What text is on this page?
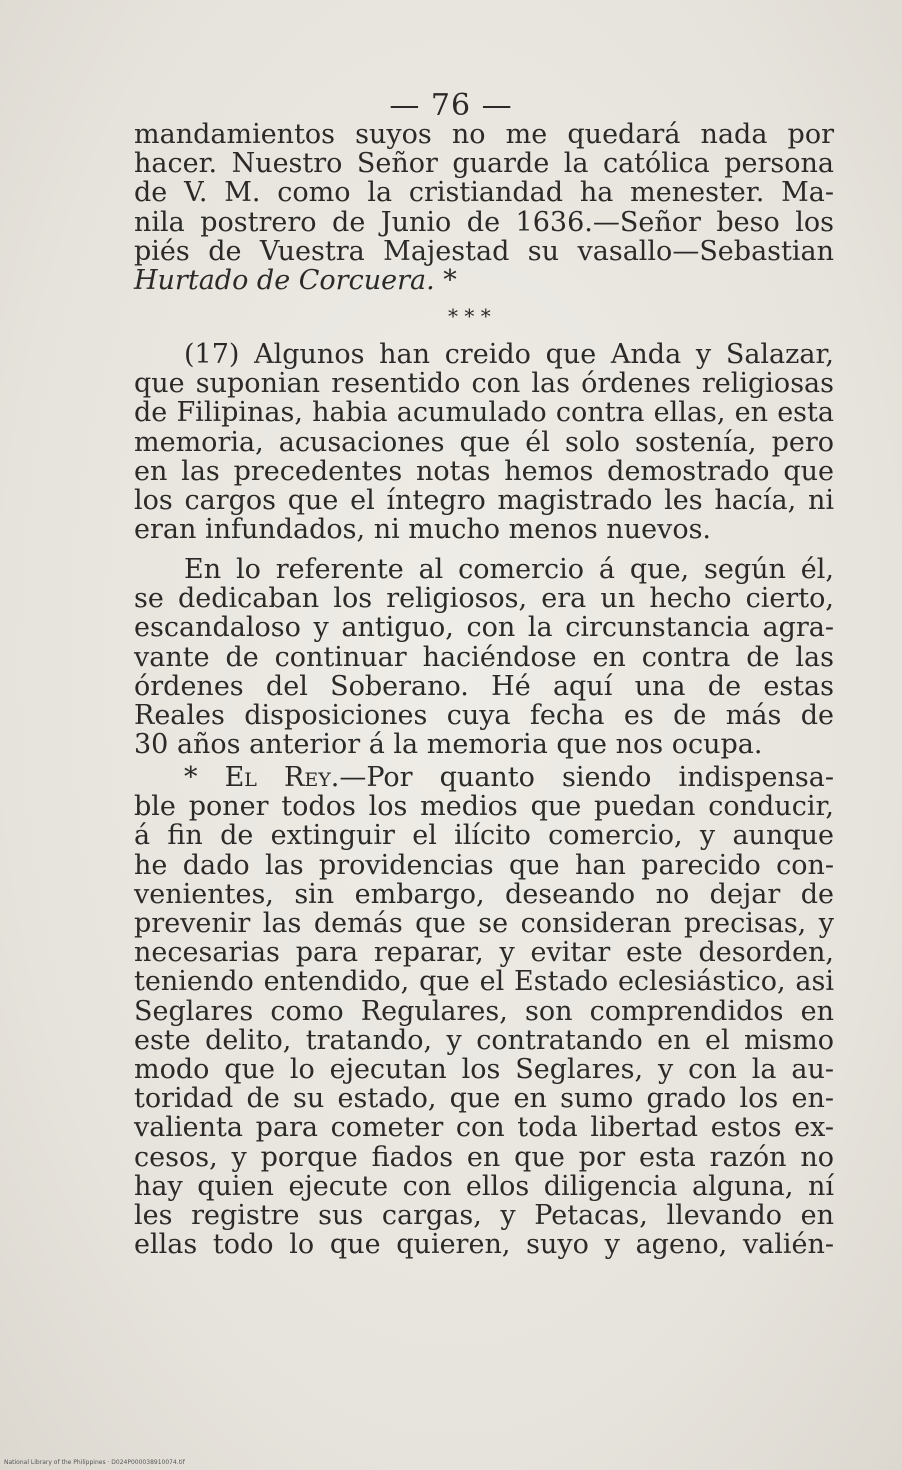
— 76 —
mandamientos suyos no me quedará nada por
hacer. Nuestro Señor guarde la católica persona
de V. M. como la cristiandad ha menester. Ma-
nila postrero de Junio de 1636.—Señor beso los
piés de Vuestra Majestad su vasallo—Sebastian
Hurtado de Corcuera. *
* * *
(17) Algunos han creido que Anda y Salazar,
que suponian resentido con las órdenes religiosas
de Filipinas, habia acumulado contra ellas, en esta
memoria, acusaciones que él solo sostenía, pero
en las precedentes notas hemos demostrado que
los cargos que el íntegro magistrado les hacía, ni
eran infundados, ni mucho menos nuevos.
En lo referente al comercio á que, según él,
se dedicaban los religiosos, era un hecho cierto,
escandaloso y antiguo, con la circunstancia agra-
vante de continuar haciéndose en contra de las
órdenes del Soberano. Hé aquí una de estas
Reales disposiciones cuya fecha es de más de
30 años anterior á la memoria que nos ocupa.
* El Rey.—Por quanto siendo indispensa-
ble poner todos los medios que puedan conducir,
á fin de extinguir el ilícito comercio, y aunque
he dado las providencias que han parecido con-
venientes, sin embargo, deseando no dejar de
prevenir las demás que se consideran precisas, y
necesarias para reparar, y evitar este desorden,
teniendo entendido, que el Estado eclesiástico, asi
Seglares como Regulares, son comprendidos en
este delito, tratando, y contratando en el mismo
modo que lo ejecutan los Seglares, y con la au-
toridad de su estado, que en sumo grado los en-
valienta para cometer con toda libertad estos ex-
cesos, y porque fiados en que por esta razón no
hay quien ejecute con ellos diligencia alguna, ní
les registre sus cargas, y Petacas, llevando en
ellas todo lo que quieren, suyo y ageno, valién-
National Library of the Philippines · D024P000038910074.tif
